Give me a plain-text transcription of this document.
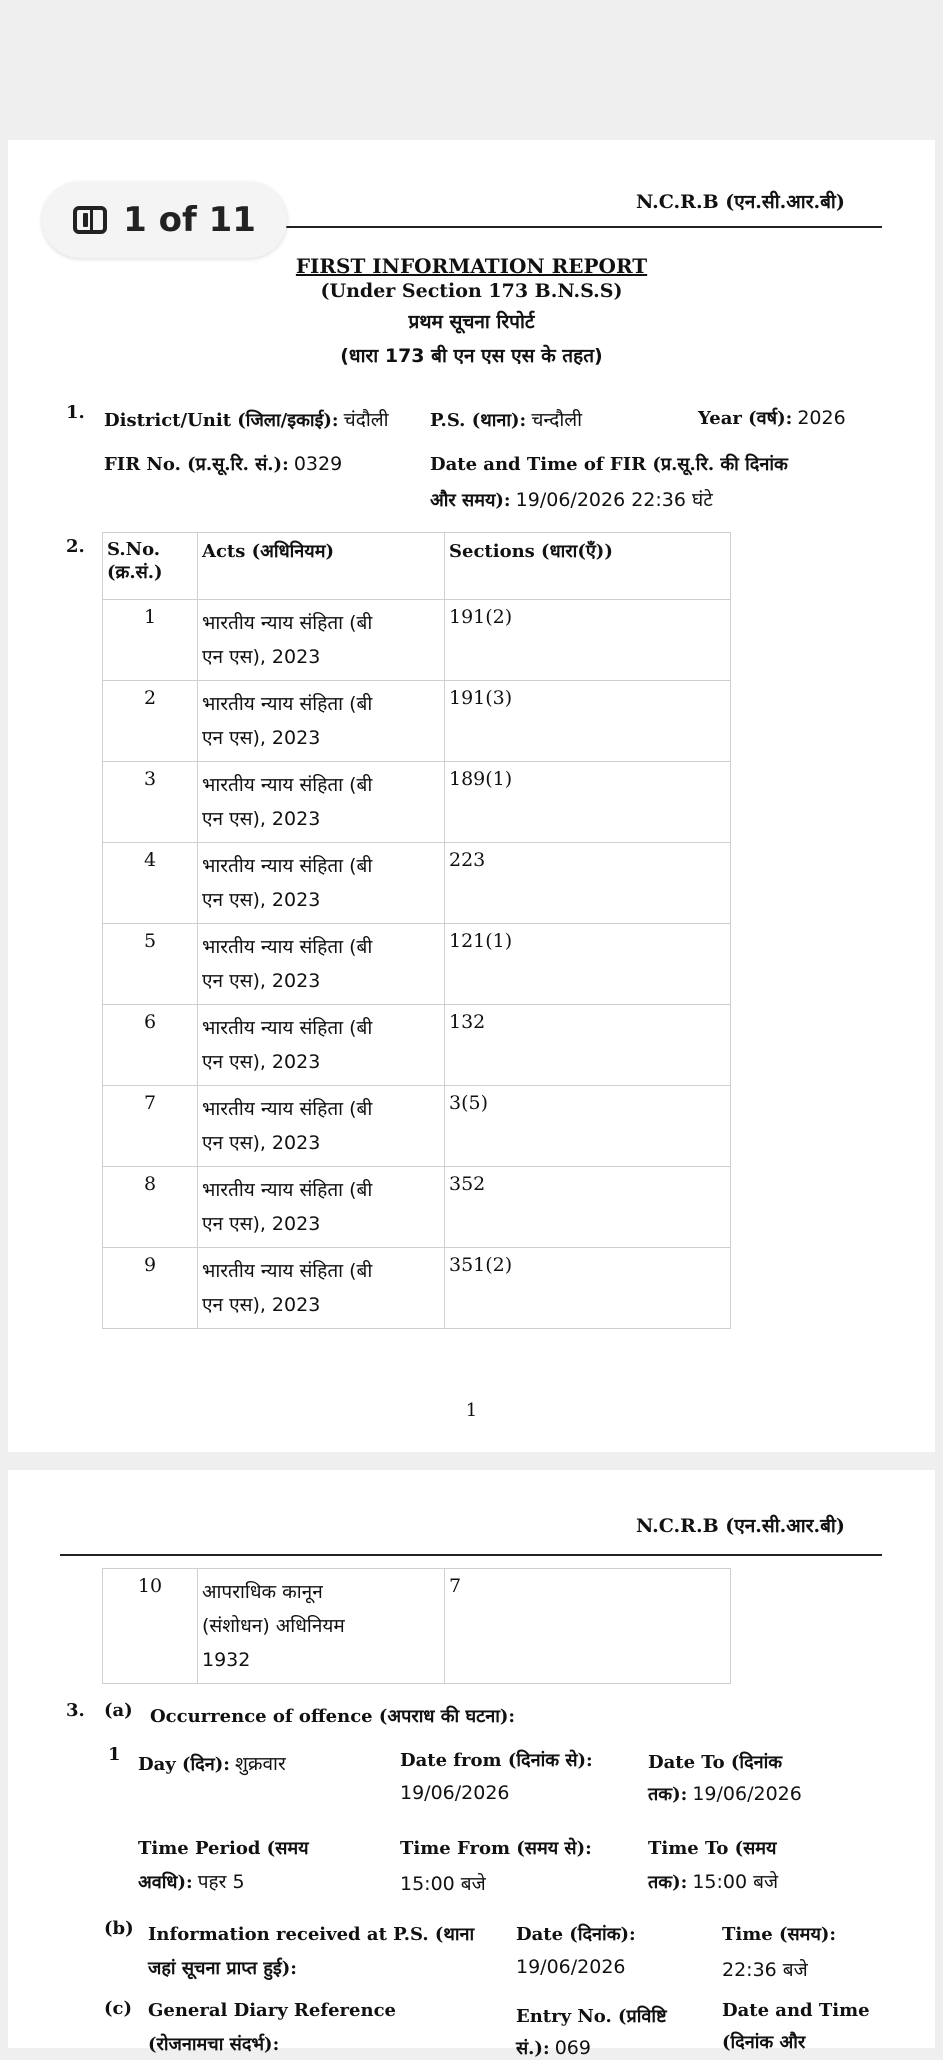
N.C.R.B (एन.सी.आर.बी)
FIRST INFORMATION REPORT
(Under Section 173 B.N.S.S)
प्रथम सूचना रिपोर्ट
(धारा 173 बी एन एस एस के तहत)
1. District/Unit (जिला/इकाई): चंदौली P.S. (थाना): चन्दौली	Year (वर्ष): 2026
FIR No. (प्र.सू.रि. सं.): 0329	Date and Time of FIR (प्र.सू.रि. की दिनांक
और समय): 19/06/2026 22:36 घंटे
2. S.No.
(क्र.सं.)	Acts (अधिनियम)	Sections (धारा(एँ))

1	भारतीय न्याय संहिता (बी
एन एस), 2023	191(2)
2	भारतीय न्याय संहिता (बी
एन एस), 2023	191(3)
3	भारतीय न्याय संहिता (बी
एन एस), 2023	189(1)
4	भारतीय न्याय संहिता (बी
एन एस), 2023	223
5	भारतीय न्याय संहिता (बी
एन एस), 2023	121(1)
6	भारतीय न्याय संहिता (बी
एन एस), 2023	132
7	भारतीय न्याय संहिता (बी
एन एस), 2023	3(5)
8	भारतीय न्याय संहिता (बी
एन एस), 2023	352
9	भारतीय न्याय संहिता (बी
एन एस), 2023	351(2)
1
1 of 11
N.C.R.B (एन.सी.आर.बी)
10	आपराधिक कानून
(संशोधन) अधिनियम
1932
	7
3. (a) Occurrence of offence (अपराध की घटना):
1 Day (दिन): शुक्रवार	Date from (दिनांक से):
19/06/2026
Date To (दिनांक
तक): 19/06/2026
Time Period (समय
अवधि): पहर 5
Time From (समय से):
15:00 बजे
Time To (समय
तक): 15:00 बजे
(b) Information received at P.S. (थाना
जहां सूचना प्राप्त हुई):
Date (दिनांक):
19/06/2026
Time (समय):
22:36 बजे
(c) General Diary Reference
(रोजनामचा संदर्भ):
Entry No. (प्रविष्टि
सं.): 069
Date and Time
(दिनांक और
